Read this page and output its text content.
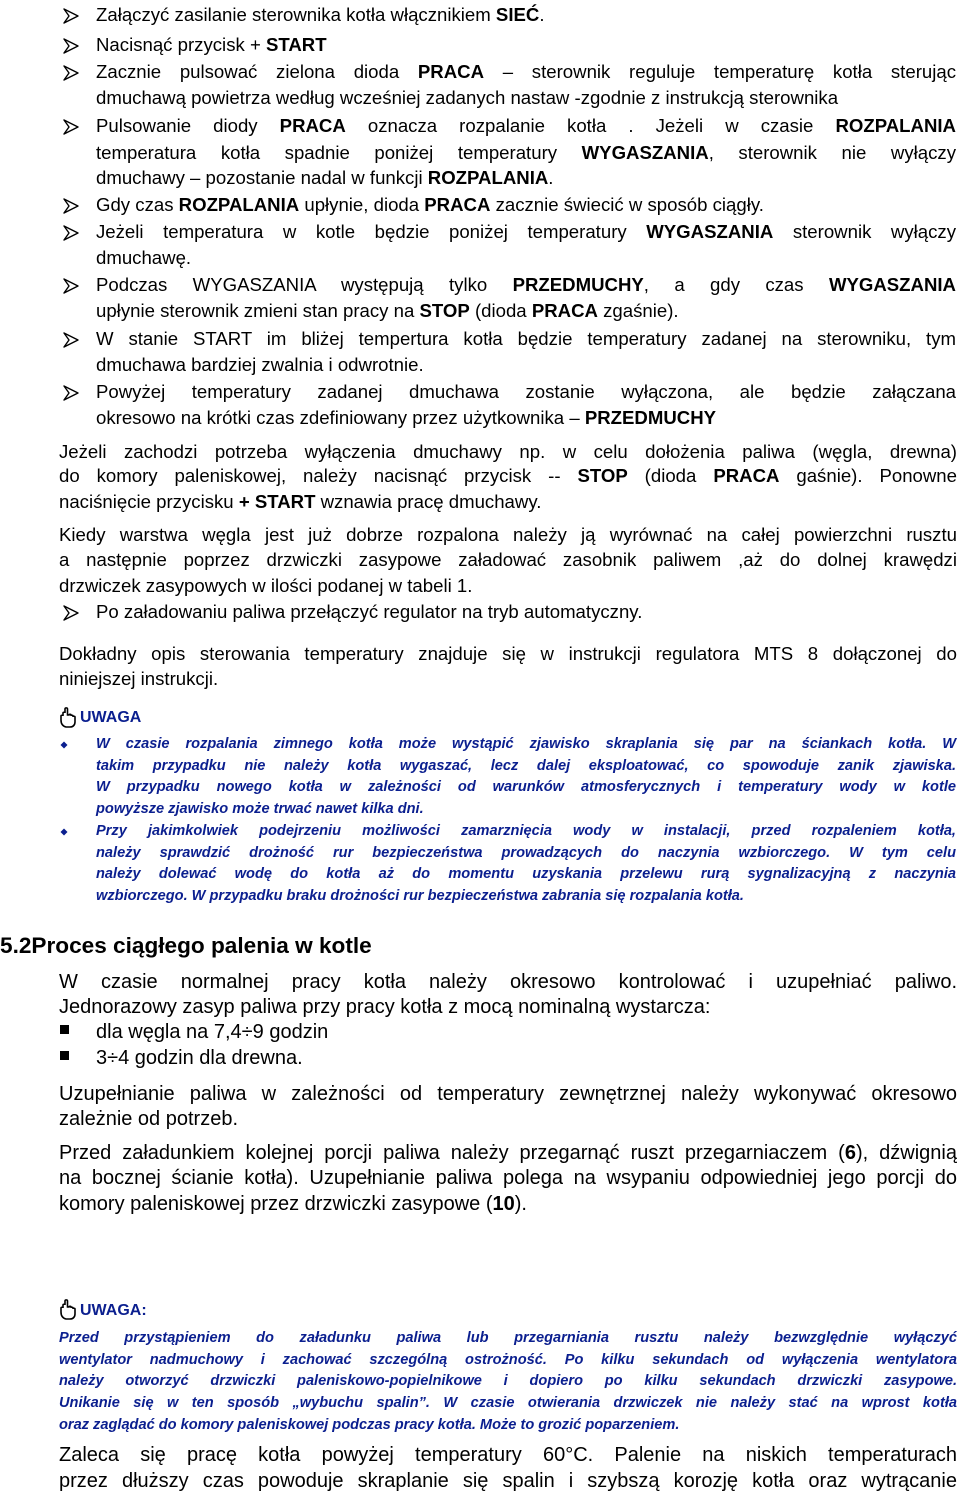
Załączyć zasilanie sterownika kotła włącznikiem SIEĆ.
Nacisnąć przycisk + START
Zacznie pulsować zielona dioda PRACA – sterownik reguluje temperaturę kotła sterując
dmuchawą powietrza według wcześniej zadanych nastaw -zgodnie z instrukcją sterownika
Pulsowanie diody PRACA oznacza rozpalanie kotła . Jeżeli w czasie ROZPALANIA
temperatura kotła spadnie poniżej temperatury WYGASZANIA, sterownik nie wyłączy
dmuchawy – pozostanie nadal w funkcji ROZPALANIA.
Gdy czas ROZPALANIA upłynie, dioda PRACA zacznie świecić w sposób ciągły.
Jeżeli temperatura w kotle będzie poniżej temperatury WYGASZANIA sterownik wyłączy
dmuchawę.
Podczas WYGASZANIA występują tylko PRZEDMUCHY, a gdy czas WYGASZANIA
upłynie sterownik zmieni stan pracy na STOP (dioda PRACA zgaśnie).
W stanie START im bliżej tempertura kotła będzie temperatury zadanej na sterowniku, tym
dmuchawa bardziej zwalnia i odwrotnie.
Powyżej temperatury zadanej dmuchawa zostanie wyłączona, ale będzie załączana
okresowo na krótki czas zdefiniowany przez użytkownika – PRZEDMUCHY
Jeżeli zachodzi potrzeba wyłączenia dmuchawy np. w celu dołożenia paliwa (węgla, drewna)
do komory paleniskowej, należy nacisnąć przycisk -- STOP (dioda PRACA gaśnie). Ponowne
naciśnięcie przycisku + START wznawia pracę dmuchawy.
Kiedy warstwa węgla jest już dobrze rozpalona należy ją wyrównać na całej powierzchni rusztu
a następnie poprzez drzwiczki zasypowe załadować zasobnik paliwem ,aż do dolnej krawędzi
drzwiczek zasypowych w ilości podanej w tabeli 1.
Po załadowaniu paliwa przełączyć regulator na tryb automatyczny.
Dokładny opis sterowania temperatury znajduje się w instrukcji regulatora MTS 8 dołączonej do
niniejszej instrukcji.
UWAGA
W czasie rozpalania zimnego kotła może wystąpić zjawisko skraplania się par na ściankach kotła. W
takim przypadku nie należy kotła wygaszać, lecz dalej eksploatować, co spowoduje zanik zjawiska.
W przypadku nowego kotła w zależności od warunków atmosferycznych i temperatury wody w kotle
powyższe zjawisko może trwać nawet kilka dni.
Przy jakimkolwiek podejrzeniu możliwości zamarznięcia wody w instalacji, przed rozpaleniem kotła,
należy sprawdzić drożność rur bezpieczeństwa prowadzących do naczynia wzbiorczego. W tym celu
należy dolewać wodę do kotła aż do momentu uzyskania przelewu rurą sygnalizacyjną z naczynia
wzbiorczego. W przypadku braku drożności rur bezpieczeństwa zabrania się rozpalania kotła.
5.2Proces ciągłego palenia w kotle
W czasie normalnej pracy kotła należy okresowo kontrolować i uzupełniać paliwo.
Jednorazowy zasyp paliwa przy pracy kotła z mocą nominalną wystarcza:
dla węgla na 7,4÷9 godzin
3÷4 godzin dla drewna.
Uzupełnianie paliwa w zależności od temperatury zewnętrznej należy wykonywać okresowo
zależnie od potrzeb.
Przed załadunkiem kolejnej porcji paliwa należy przegarnąć ruszt przegarniaczem (6), dźwignią
na bocznej ścianie kotła). Uzupełnianie paliwa polega na wsypaniu odpowiedniej jego porcji do
komory paleniskowej przez drzwiczki zasypowe (10).
UWAGA:
Przed przystąpieniem do załadunku paliwa lub przegarniania rusztu należy bezwzględnie wyłączyć
wentylator nadmuchowy i zachować szczególną ostrożność. Po kilku sekundach od wyłączenia wentylatora
należy otworzyć drzwiczki paleniskowo-popielnikowe i dopiero po kilku sekundach drzwiczki zasypowe.
Unikanie się w ten sposób „wybuchu spalin”. W czasie otwierania drzwiczek nie należy stać na wprost kotła
oraz zaglądać do komory paleniskowej podczas pracy kotła. Może to grozić poparzeniem.
Zaleca się pracę kotła powyżej temperatury 60°C. Palenie na niskich temperaturach
przez dłuższy czas powoduje skraplanie się spalin i szybszą korozję kotła oraz wytrącanie
